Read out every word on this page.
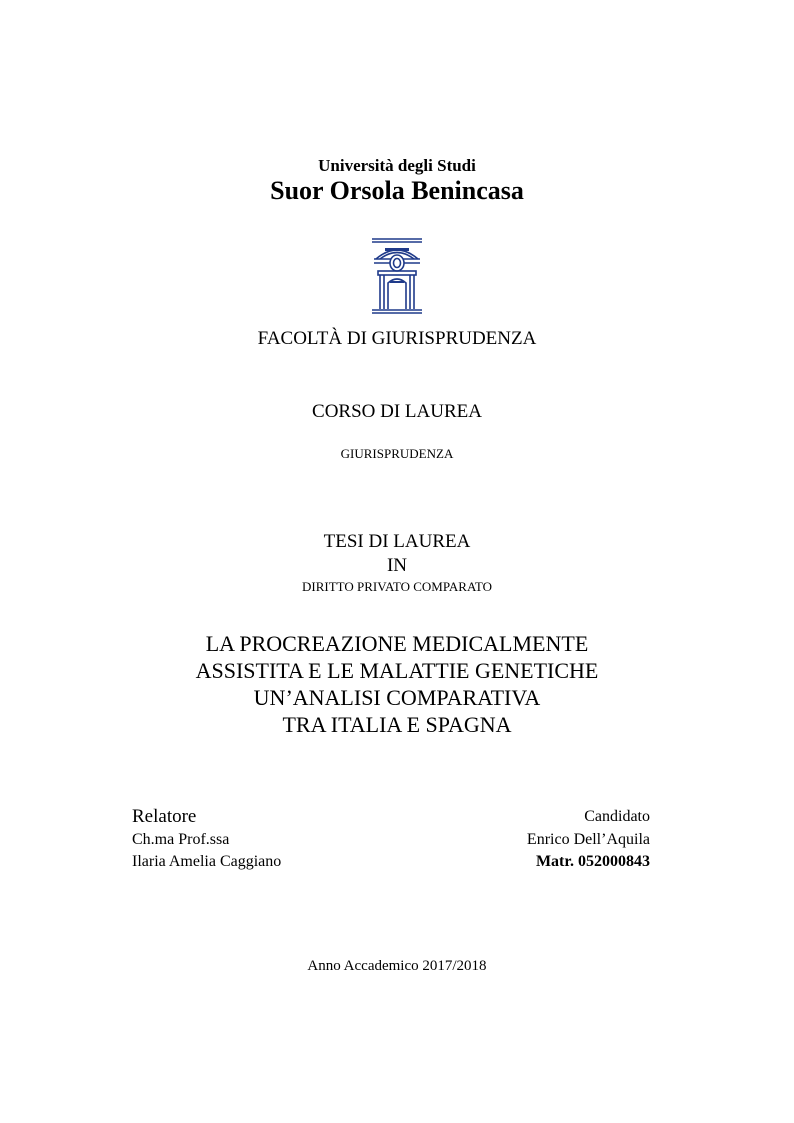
Università degli Studi
Suor Orsola Benincasa
FACOLTÀ DI GIURISPRUDENZA
CORSO DI LAUREA
GIURISPRUDENZA
TESI DI LAUREA
IN
DIRITTO PRIVATO COMPARATO
LA PROCREAZIONE MEDICALMENTE
ASSISTITA E LE MALATTIE GENETICHE
UN’ANALISI COMPARATIVA
TRA ITALIA E SPAGNA
Relatore
Ch.ma Prof.ssa
Ilaria Amelia Caggiano
Candidato
Enrico Dell’Aquila
Matr. 052000843
Anno Accademico 2017/2018
